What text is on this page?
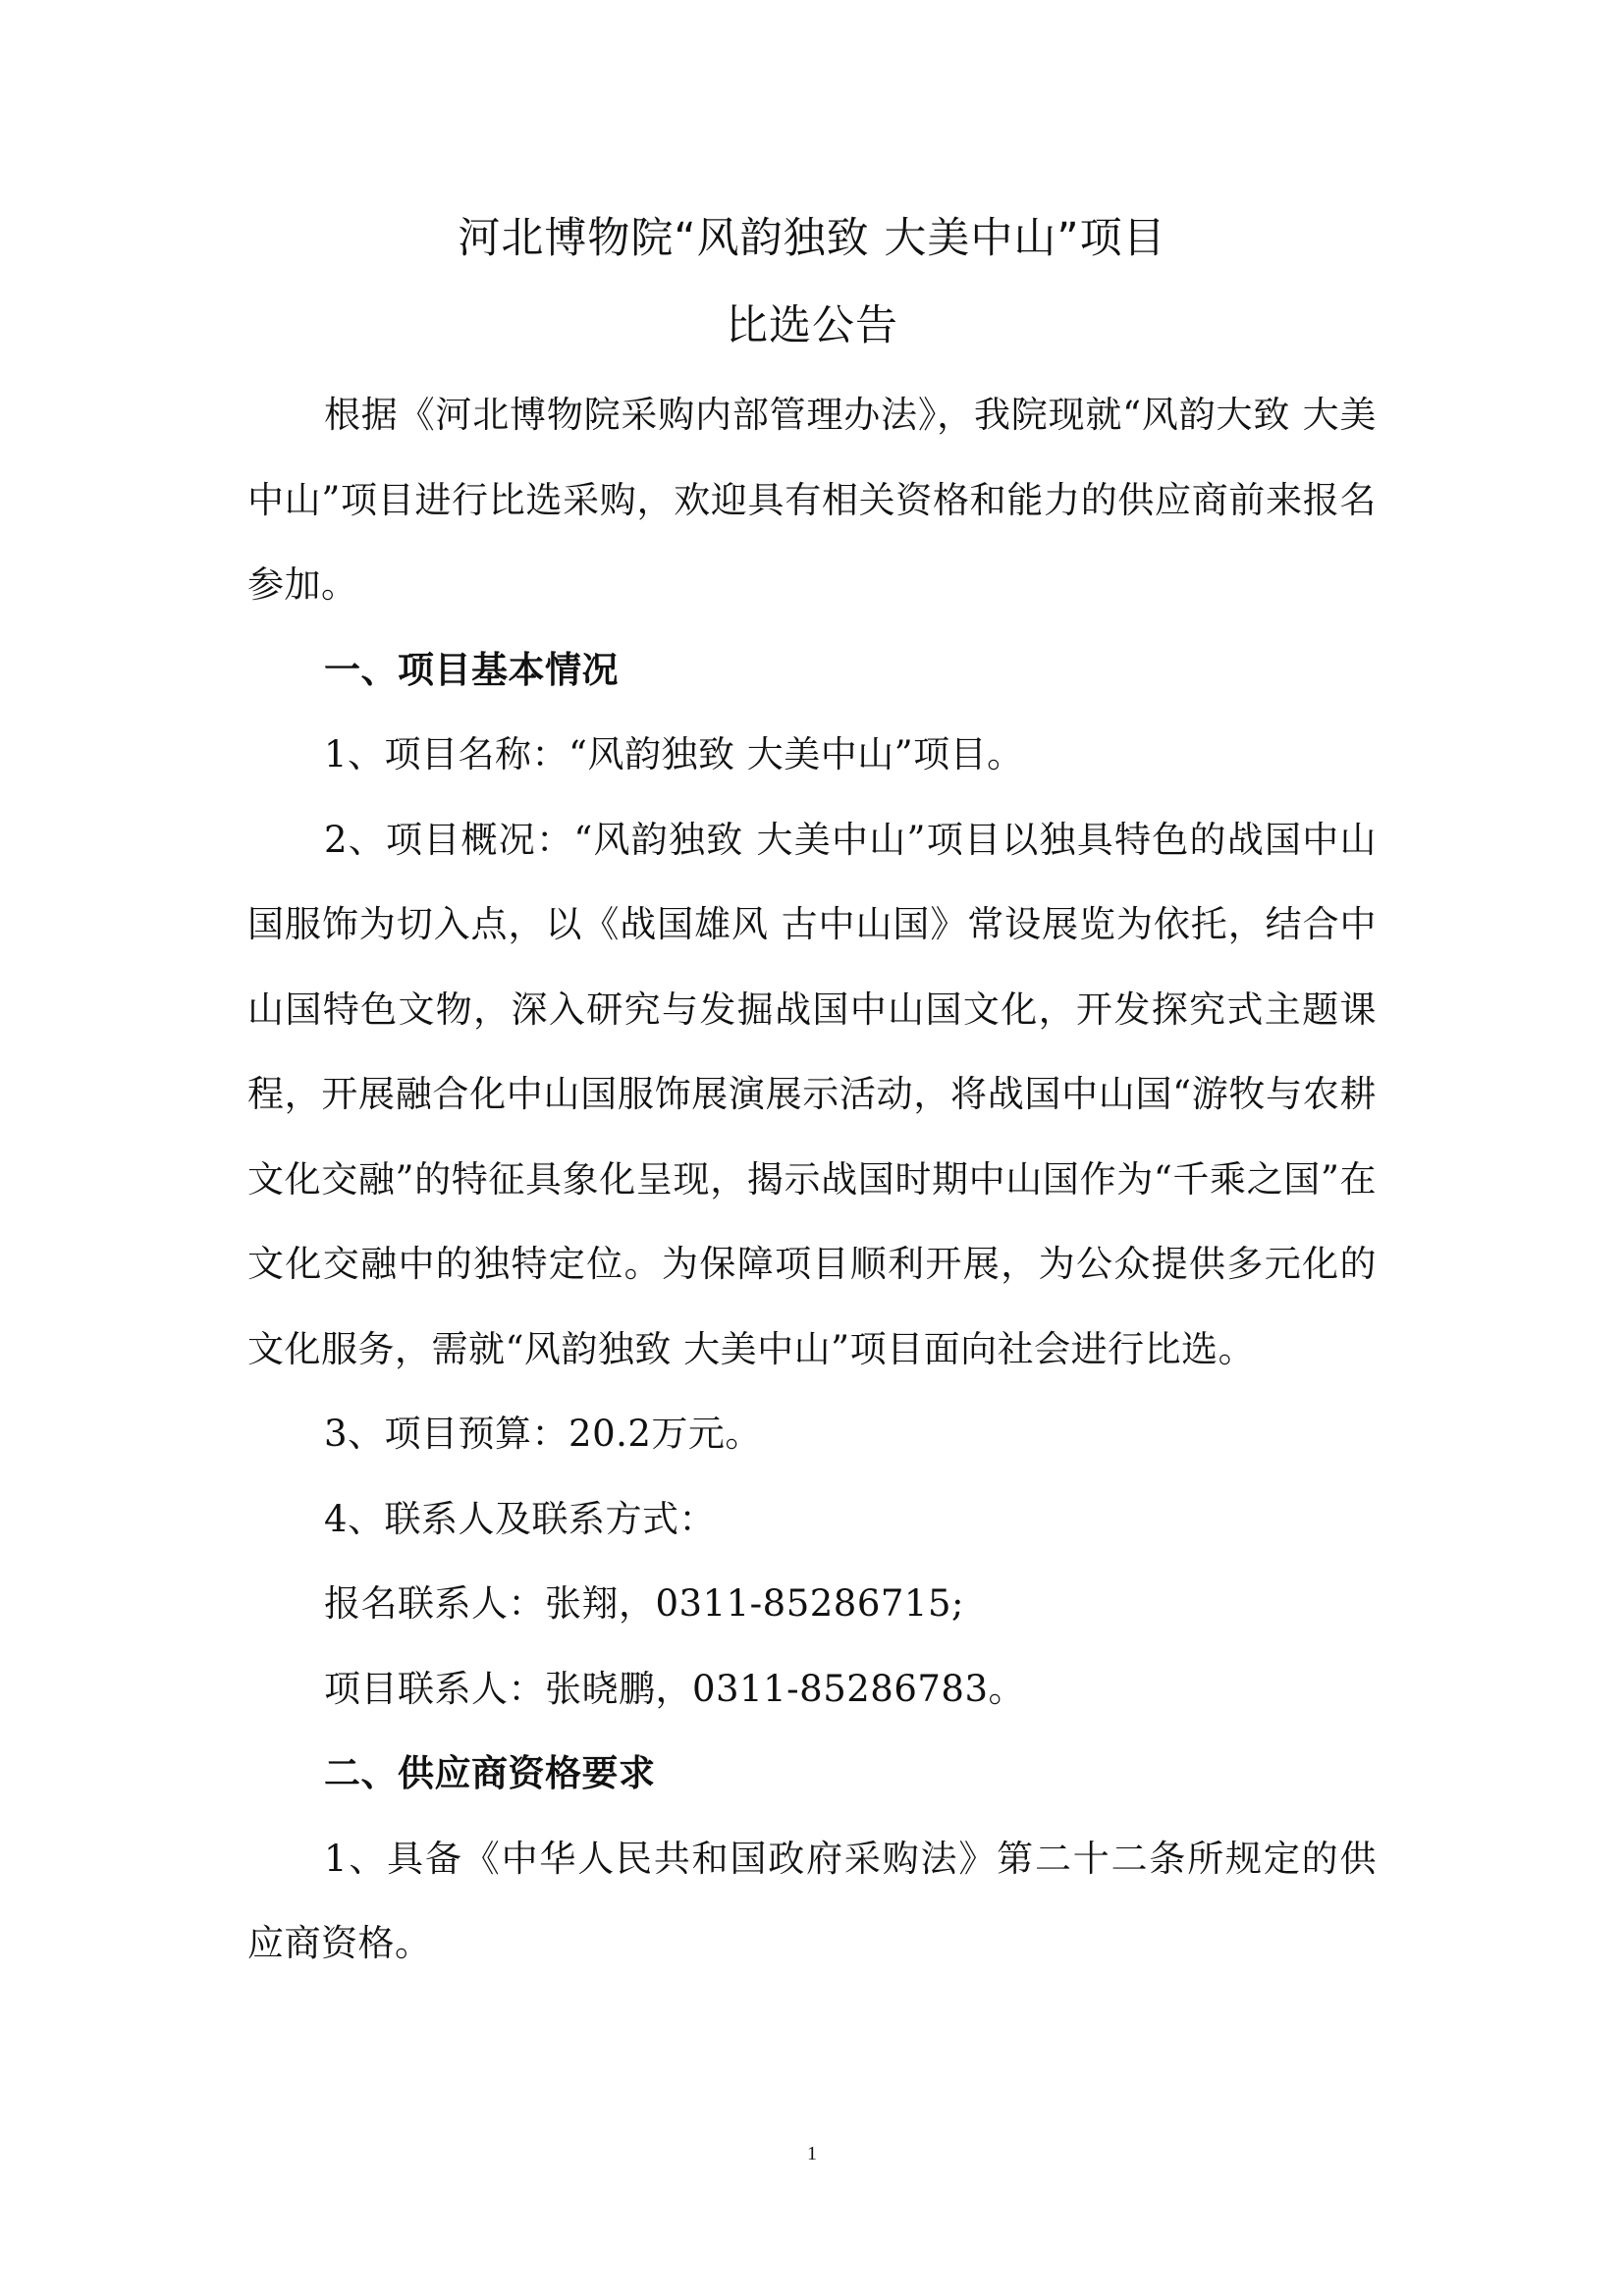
河北博物院“风韵独致 大美中山”项目
比选公告

根据《河北博物院采购内部管理办法》，我院现就“风韵大致 大美中山”项目进行比选采购，欢迎具有相关资格和能力的供应商前来报名参加。

一、项目基本情况

1、项目名称：“风韵独致 大美中山”项目。

2、项目概况：“风韵独致 大美中山”项目以独具特色的战国中山国服饰为切入点，以《战国雄风 古中山国》常设展览为依托，结合中山国特色文物，深入研究与发掘战国中山国文化，开发探究式主题课程，开展融合化中山国服饰展演展示活动，将战国中山国“游牧与农耕文化交融”的特征具象化呈现，揭示战国时期中山国作为“千乘之国”在文化交融中的独特定位。为保障项目顺利开展，为公众提供多元化的文化服务，需就“风韵独致 大美中山”项目面向社会进行比选。

3、项目预算：20.2万元。

4、联系人及联系方式：

报名联系人：张翔，0311-85286715;

项目联系人：张晓鹏，0311-85286783。

二、供应商资格要求

1、具备《中华人民共和国政府采购法》第二十二条所规定的供应商资格。

1
